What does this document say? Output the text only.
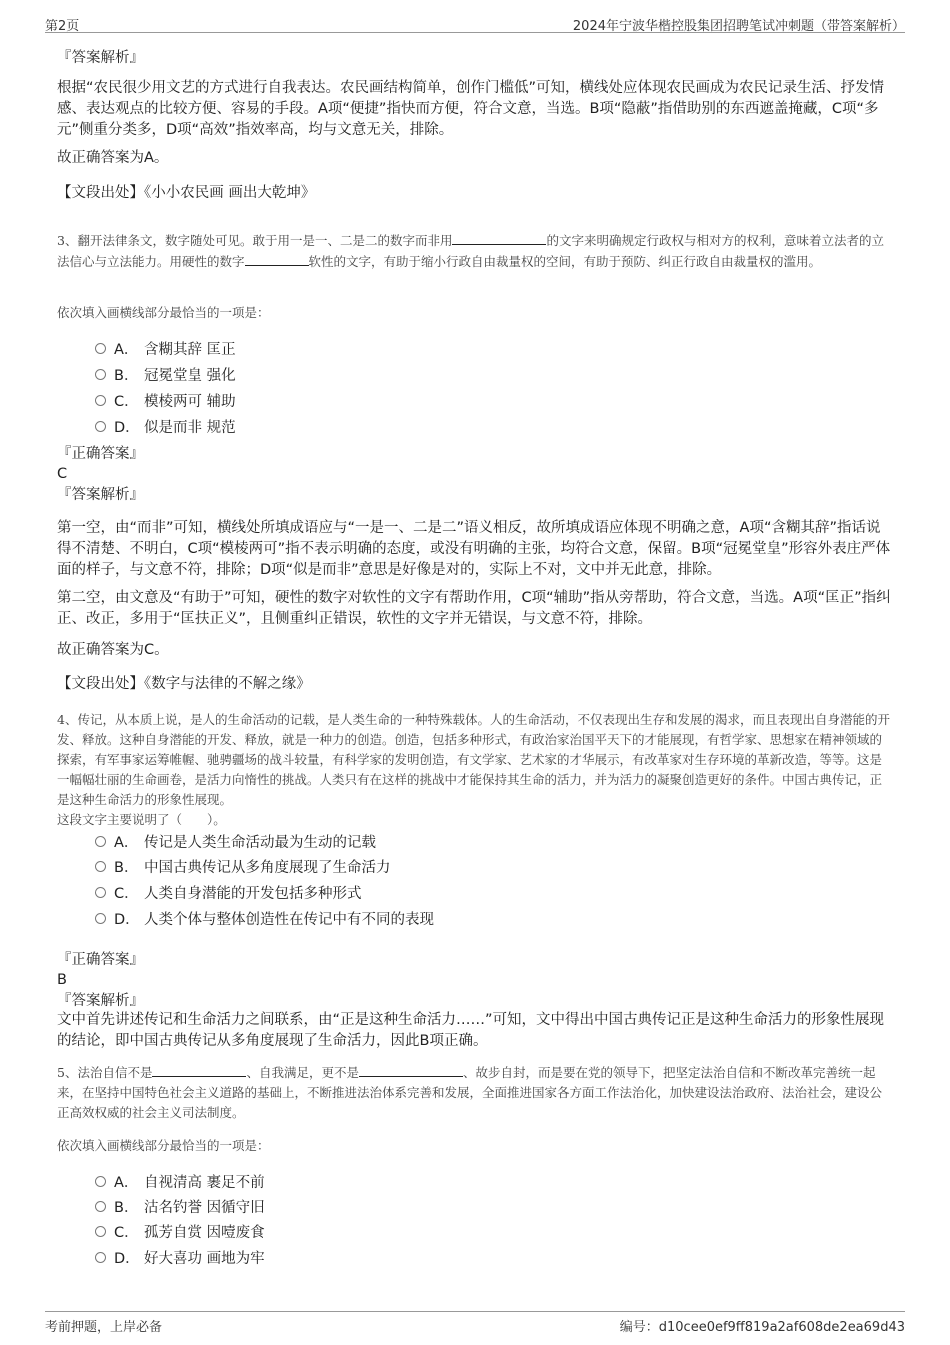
第2页	2024年宁波华楷控股集团招聘笔试冲刺题（带答案解析）
『答案解析』
根据“农民很少用文艺的方式进行自我表达。农民画结构简单，创作门槛低”可知，横线处应体现农民画成为农民记录生活、抒发情感、表达观点的比较方便、容易的手段。A项“便捷”指快而方便，符合文意，当选。B项“隐蔽”指借助别的东西遮盖掩藏，C项“多元”侧重分类多，D项“高效”指效率高，均与文意无关，排除。
故正确答案为A。
【文段出处】《小小农民画 画出大乾坤》
3、翻开法律条文，数字随处可见。敢于用一是一、二是二的数字而非用	的文字来明确规定行政权与相对方的权利，意味着立法者的立法信心与立法能力。用硬性的数字	软性的文字，有助于缩小行政自由裁量权的空间，有助于预防、纠正行政自由裁量权的滥用。
依次填入画横线部分最恰当的一项是：
A． 含糊其辞 匡正
B． 冠冕堂皇 强化
C． 模棱两可 辅助
D． 似是而非 规范
『正确答案』
C
『答案解析』
第一空，由“而非”可知，横线处所填成语应与“一是一、二是二”语义相反，故所填成语应体现不明确之意，A项“含糊其辞”指话说得不清楚、不明白，C项“模棱两可”指不表示明确的态度，或没有明确的主张，均符合文意，保留。B项“冠冕堂皇”形容外表庄严体面的样子，与文意不符，排除；D项“似是而非”意思是好像是对的，实际上不对，文中并无此意，排除。
第二空，由文意及“有助于”可知，硬性的数字对软性的文字有帮助作用，C项“辅助”指从旁帮助，符合文意，当选。A项“匡正”指纠正、改正，多用于“匡扶正义”，且侧重纠正错误，软性的文字并无错误，与文意不符，排除。
故正确答案为C。
【文段出处】《数字与法律的不解之缘》
4、传记，从本质上说，是人的生命活动的记载，是人类生命的一种特殊载体。人的生命活动，不仅表现出生存和发展的渴求，而且表现出自身潜能的开发、释放。这种自身潜能的开发、释放，就是一种力的创造。创造，包括多种形式，有政治家治国平天下的才能展现，有哲学家、思想家在精神领域的探索，有军事家运筹帷幄、驰骋疆场的战斗较量，有科学家的发明创造，有文学家、艺术家的才华展示，有改革家对生存环境的革新改造，等等。这是一幅幅壮丽的生命画卷，是活力向惰性的挑战。人类只有在这样的挑战中才能保持其生命的活力，并为活力的凝聚创造更好的条件。中国古典传记，正是这种生命活力的形象性展现。
这段文字主要说明了（　　）。
A． 传记是人类生命活动最为生动的记载
B． 中国古典传记从多角度展现了生命活力
C． 人类自身潜能的开发包括多种形式
D． 人类个体与整体创造性在传记中有不同的表现
『正确答案』
B
『答案解析』
文中首先讲述传记和生命活力之间联系，由“正是这种生命活力……”可知，文中得出中国古典传记正是这种生命活力的形象性展现的结论，即中国古典传记从多角度展现了生命活力，因此B项正确。
5、法治自信不是	、自我满足，更不是	、故步自封，而是要在党的领导下，把坚定法治自信和不断改革完善统一起来，在坚持中国特色社会主义道路的基础上，不断推进法治体系完善和发展，全面推进国家各方面工作法治化，加快建设法治政府、法治社会，建设公正高效权威的社会主义司法制度。
依次填入画横线部分最恰当的一项是：
A． 自视清高 裹足不前
B． 沽名钓誉 因循守旧
C． 孤芳自赏 因噎废食
D． 好大喜功 画地为牢
考前押题，上岸必备	编号：d10cee0ef9ff819a2af608de2ea69d43
